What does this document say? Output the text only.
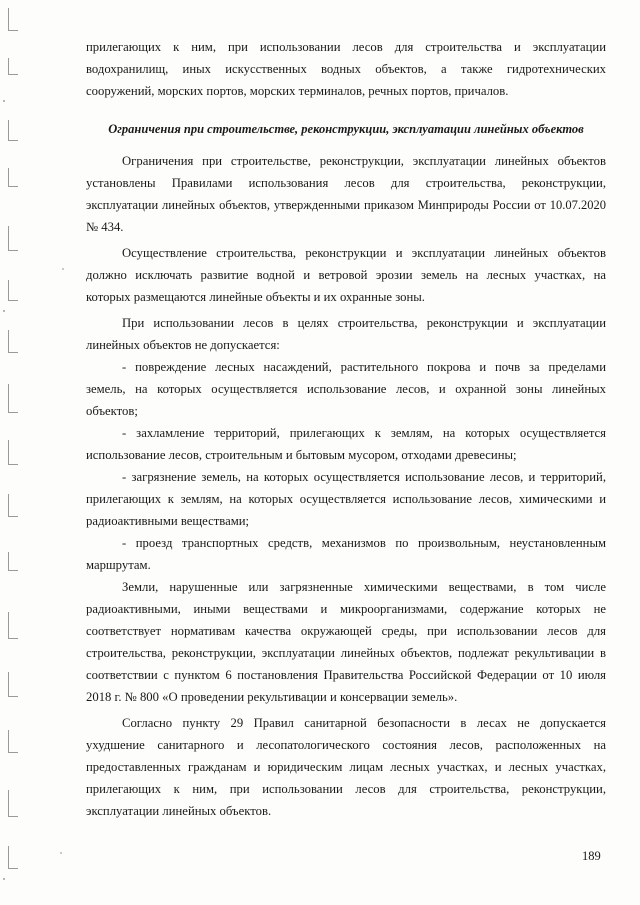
прилегающих к ним, при использовании лесов для строительства и эксплуатации
водохранилищ, иных искусственных водных объектов, а также гидротехнических
сооружений, морских портов, морских терминалов, речных портов, причалов.
Ограничения при строительстве, реконструкции, эксплуатации линейных объектов
Ограничения при строительстве, реконструкции, эксплуатации линейных объектов
установлены Правилами использования лесов для строительства, реконструкции,
эксплуатации линейных объектов, утвержденными приказом Минприроды России от 10.07.2020
№ 434.
Осуществление строительства, реконструкции и эксплуатации линейных объектов
должно исключать развитие водной и ветровой эрозии земель на лесных участках, на
которых размещаются линейные объекты и их охранные зоны.
При использовании лесов в целях строительства, реконструкции и эксплуатации
линейных объектов не допускается:
- повреждение лесных насаждений, растительного покрова и почв за пределами
земель, на которых осуществляется использование лесов, и охранной зоны линейных
объектов;
- захламление территорий, прилегающих к землям, на которых осуществляется
использование лесов, строительным и бытовым мусором, отходами древесины;
- загрязнение земель, на которых осуществляется использование лесов, и территорий,
прилегающих к землям, на которых осуществляется использование лесов, химическими и
радиоактивными веществами;
- проезд транспортных средств, механизмов по произвольным, неустановленным
маршрутам.
Земли, нарушенные или загрязненные химическими веществами, в том числе
радиоактивными, иными веществами и микроорганизмами, содержание которых не
соответствует нормативам качества окружающей среды, при использовании лесов для
строительства, реконструкции, эксплуатации линейных объектов, подлежат рекультивации в
соответствии с пунктом 6 постановления Правительства Российской Федерации от 10 июля
2018 г. № 800 «О проведении рекультивации и консервации земель».
Согласно пункту 29 Правил санитарной безопасности в лесах не допускается
ухудшение санитарного и лесопатологического состояния лесов, расположенных на
предоставленных гражданам и юридическим лицам лесных участках, и лесных участках,
прилегающих к ним, при использовании лесов для строительства, реконструкции,
эксплуатации линейных объектов.
189
